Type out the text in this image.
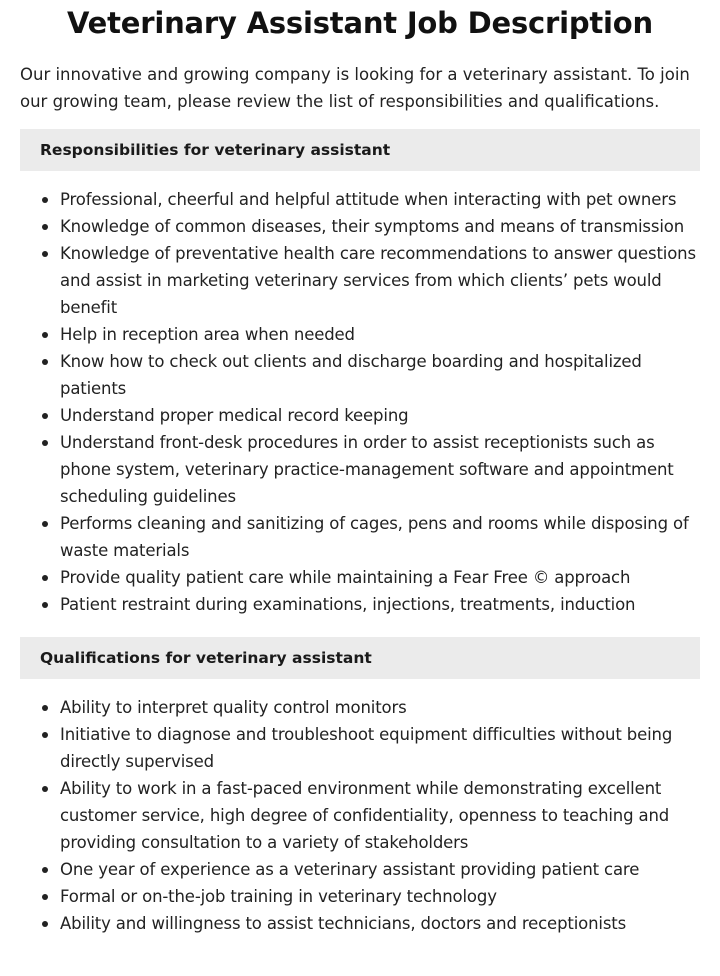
Veterinary Assistant Job Description

Our innovative and growing company is looking for a veterinary assistant. To join our growing team, please review the list of responsibilities and qualifications.

Responsibilities for veterinary assistant
Professional, cheerful and helpful attitude when interacting with pet owners
Knowledge of common diseases, their symptoms and means of transmission
Knowledge of preventative health care recommendations to answer questions and assist in marketing veterinary services from which clients’ pets would benefit
Help in reception area when needed
Know how to check out clients and discharge boarding and hospitalized patients
Understand proper medical record keeping
Understand front-desk procedures in order to assist receptionists such as phone system, veterinary practice-management software and appointment scheduling guidelines
Performs cleaning and sanitizing of cages, pens and rooms while disposing of waste materials
Provide quality patient care while maintaining a Fear Free © approach
Patient restraint during examinations, injections, treatments, induction
Qualifications for veterinary assistant
Ability to interpret quality control monitors
Initiative to diagnose and troubleshoot equipment difficulties without being directly supervised
Ability to work in a fast-paced environment while demonstrating excellent customer service, high degree of confidentiality, openness to teaching and providing consultation to a variety of stakeholders
One year of experience as a veterinary assistant providing patient care
Formal or on-the-job training in veterinary technology
Ability and willingness to assist technicians, doctors and receptionists
